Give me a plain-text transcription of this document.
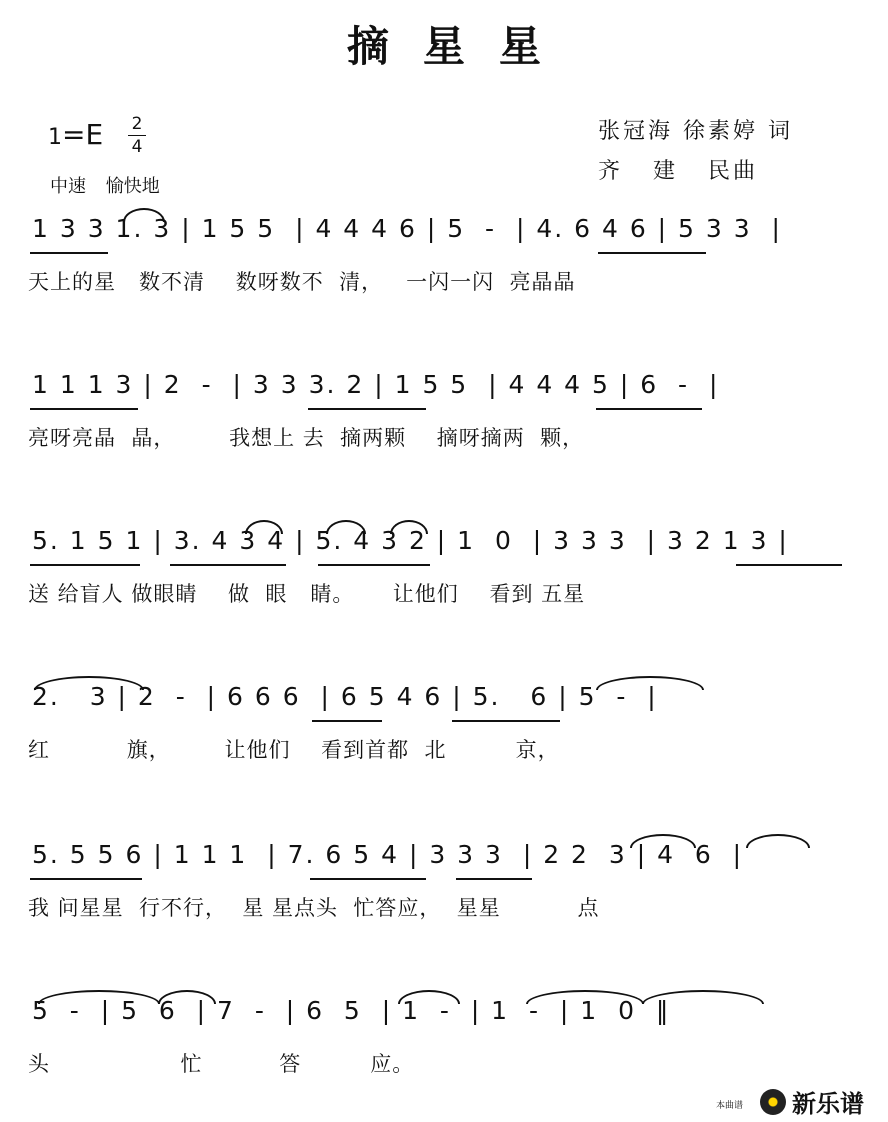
摘星星
1=E 2
4
中速 愉快地
张冠海 徐素婷 词
齐   建   民曲

1 3 3 1. 3 | 1 5 5  | 4 4 4 6 | 5  -  | 4. 6 4 6 | 5 3 3  |

天上的星   数不清    数呀数不  清，   一闪一闪  亮晶晶

1 1 1 3 | 2  -  | 3 3 3. 2 | 1 5 5  | 4 4 4 5 | 6  -  |

亮呀亮晶  晶，       我想上 去  摘两颗    摘呀摘两  颗，

5. 1 5 1 | 3. 4 3 4 | 5. 4 3 2 | 1  0  | 3 3 3  | 3 2 1 3 |

送 给盲人 做眼睛    做  眼   睛。     让他们    看到 五星

2.   3 | 2  -  | 6 6 6  | 6 5 4 6 | 5.   6 | 5  -  |

红          旗，       让他们    看到首都  北         京，

5. 5 5 6 | 1 1 1  | 7. 6 5 4 | 3 3 3  | 2 2  3 | 4  6  |

我 问星星  行不行，  星 星点头  忙答应，  星星          点

5  -  | 5  6  | 7  -  | 6  5  | 1  -  | 1  -  | 1  0  ‖

头                 忙          答         应。
本曲谱 新乐谱
